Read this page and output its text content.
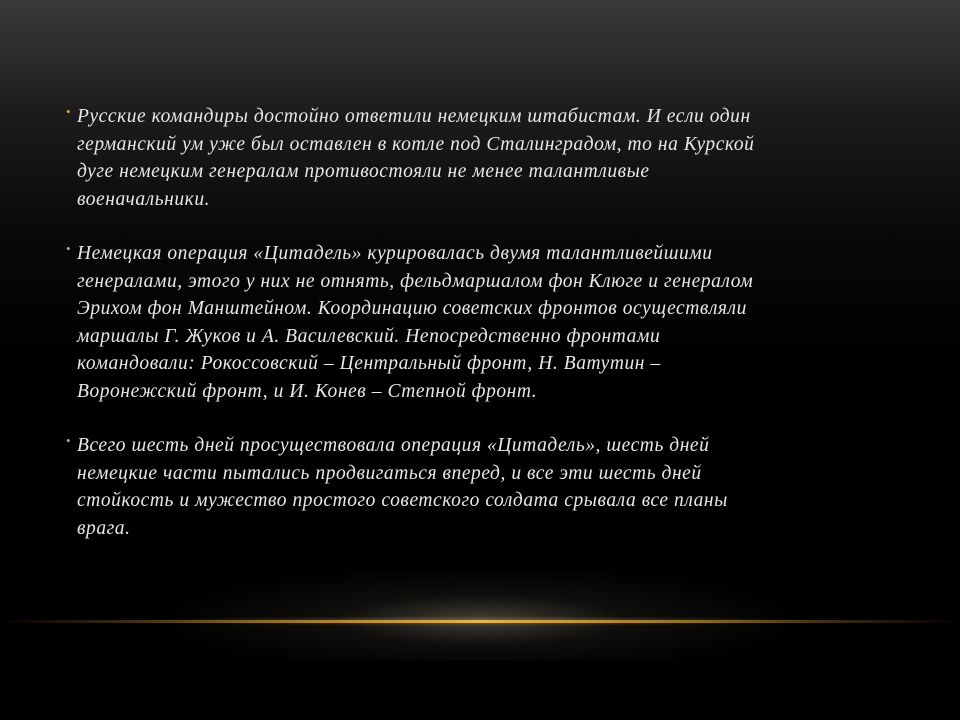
• Русские командиры достойно ответили немецким штабистам. И если один германский ум уже был оставлен в котле под Сталинградом, то на Курской дуге немецким генералам противостояли не менее талантливые военачальники.
• Немецкая операция «Цитадель» курировалась двумя талантливейшими генералами, этого у них не отнять, фельдмаршалом фон Клюге и генералом Эрихом фон Манштейном. Координацию советских фронтов осуществляли маршалы Г. Жуков и А. Василевский. Непосредственно фронтами командовали: Рокоссовский – Центральный фронт, Н. Ватутин – Воронежский фронт, и И. Конев – Степной фронт.
• Всего шесть дней просуществовала операция «Цитадель», шесть дней немецкие части пытались продвигаться вперед, и все эти шесть дней стойкость и мужество простого советского солдата срывала все планы врага.
